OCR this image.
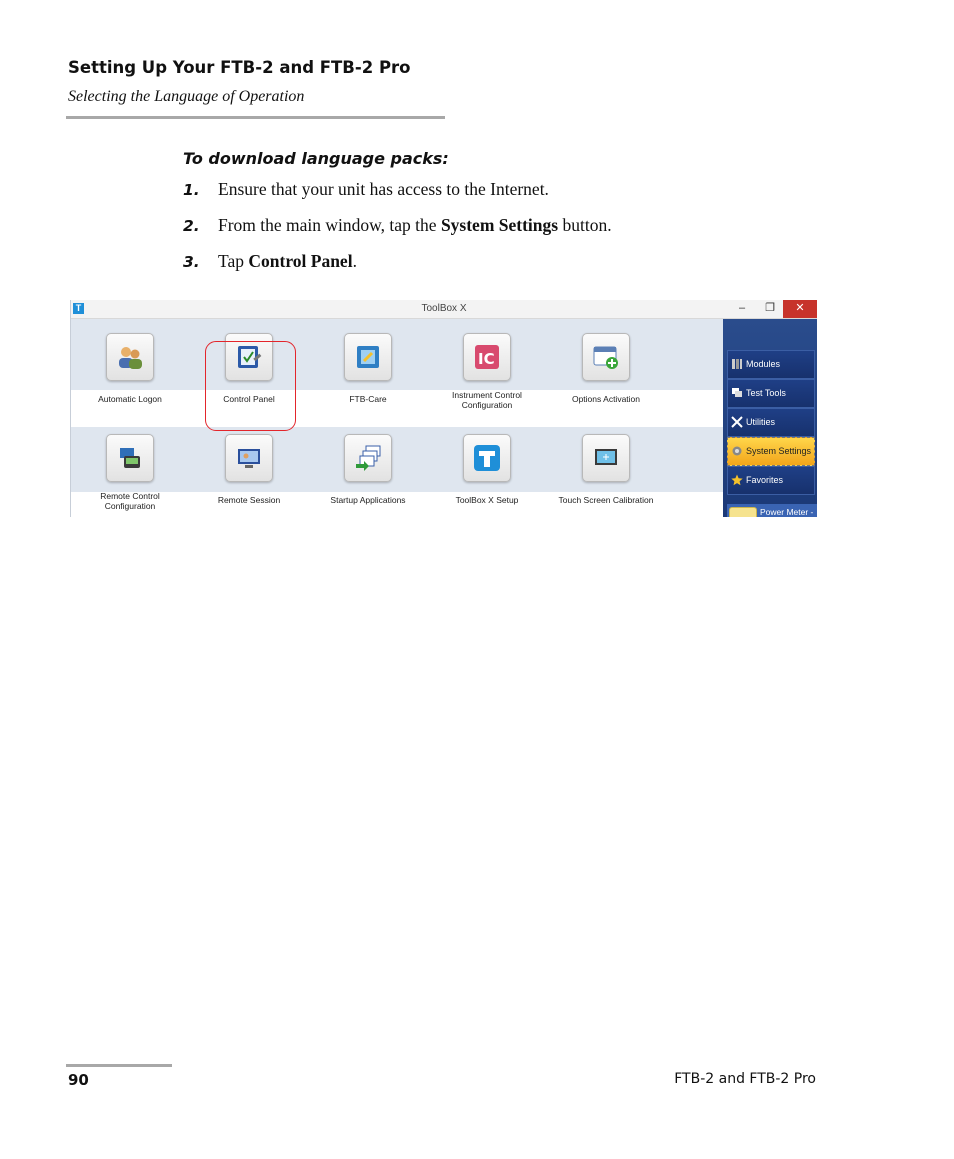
Setting Up Your FTB-2 and FTB-2 Pro
Selecting the Language of Operation
To download language packs:
1. Ensure that your unit has access to the Internet.
2. From the main window, tap the System Settings button.
3. Tap Control Panel.
T	ToolBox X	–	❐	✕
Automatic Logon	Control Panel	FTB-Care
IC
Instrument Control
Configuration
Options Activation
Remote Control
Configuration
Remote Session	Startup Applications	ToolBox X Setup	Touch Screen Calibration
Modules
Test Tools
Utilities
System Settings
Favorites
Power Meter -
90	FTB-2 and FTB-2 Pro
